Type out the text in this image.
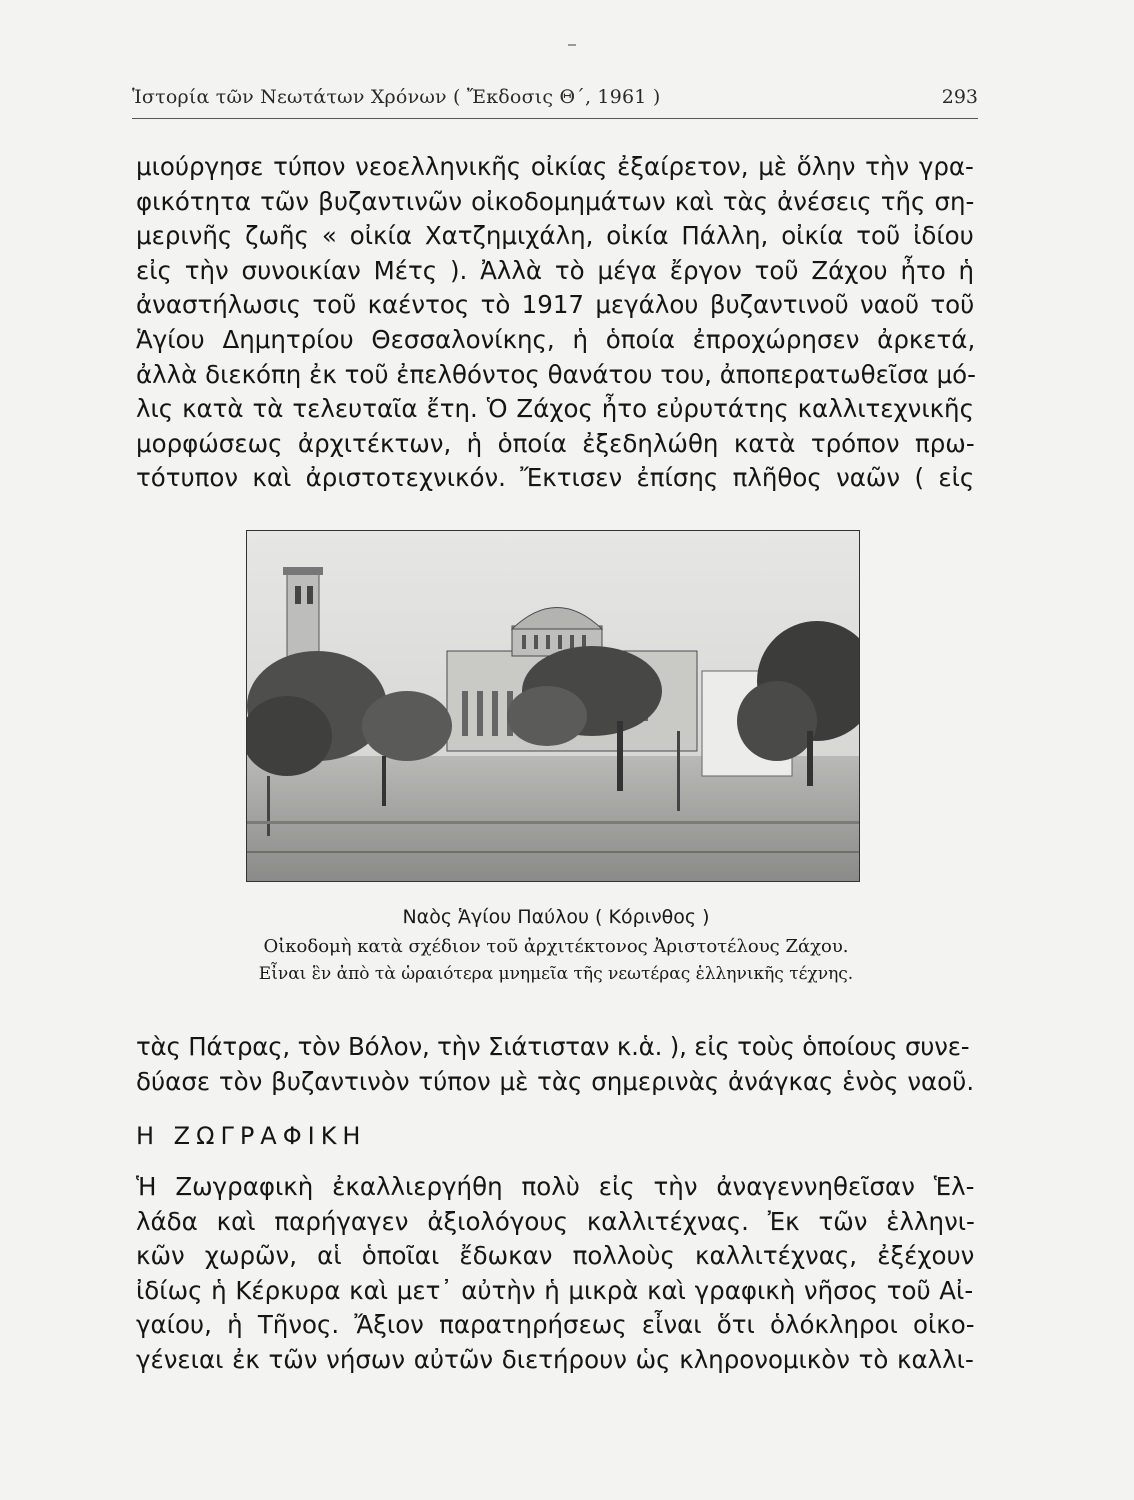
Ἱστορία τῶν Νεωτάτων Χρόνων ( Ἔκδοσις Θ΄, 1961 )	293
μιούργησε τύπον νεοελληνικῆς οἰκίας ἐξαίρετον, μὲ ὅλην τὴν γρα-
φικότητα τῶν βυζαντινῶν οἰκοδομημάτων καὶ τὰς ἀνέσεις τῆς ση-
μερινῆς ζωῆς « οἰκία Χατζημιχάλη, οἰκία Πάλλη, οἰκία τοῦ ἰδίου
εἰς τὴν συνοικίαν Μέτς ). Ἀλλὰ τὸ μέγα ἔργον τοῦ Ζάχου ἦτο ἡ
ἀναστήλωσις τοῦ καέντος τὸ 1917 μεγάλου βυζαντινοῦ ναοῦ τοῦ
Ἁγίου Δημητρίου Θεσσαλονίκης, ἡ ὁποία ἐπροχώρησεν ἀρκετά,
ἀλλὰ διεκόπη ἐκ τοῦ ἐπελθόντος θανάτου του, ἀποπερατωθεῖσα μό-
λις κατὰ τὰ τελευταῖα ἔτη. Ὁ Ζάχος ἦτο εὐρυτάτης καλλιτεχνικῆς
μορφώσεως ἀρχιτέκτων, ἡ ὁποία ἐξεδηλώθη κατὰ τρόπον πρω-
τότυπον καὶ ἀριστοτεχνικόν. Ἔκτισεν ἐπίσης πλῆθος ναῶν ( εἰς
Ναὸς Ἁγίου Παύλου ( Κόρινθος )
Οἰκοδομὴ κατὰ σχέδιον τοῦ ἀρχιτέκτονος Ἀριστοτέλους Ζάχου.
Εἶναι ἓν ἀπὸ τὰ ὡραιότερα μνημεῖα τῆς νεωτέρας ἑλληνικῆς τέχνης.
τὰς Πάτρας, τὸν Βόλον, τὴν Σιάτισταν κ.ἁ. ), εἰς τοὺς ὁποίους συνε-
δύασε τὸν βυζαντινὸν τύπον μὲ τὰς σημερινὰς ἀνάγκας ἑνὸς ναοῦ.
Η ΖΩΓΡΑΦΙΚΗ
Ἡ Ζωγραφικὴ ἐκαλλιεργήθη πολὺ εἰς τὴν ἀναγεννηθεῖσαν Ἑλ-
λάδα καὶ παρήγαγεν ἀξιολόγους καλλιτέχνας. Ἐκ τῶν ἑλληνι-
κῶν χωρῶν, αἱ ὁποῖαι ἔδωκαν πολλοὺς καλλιτέχνας, ἐξέχουν
ἰδίως ἡ Κέρκυρα καὶ μετ᾽ αὐτὴν ἡ μικρὰ καὶ γραφικὴ νῆσος τοῦ Αἰ-
γαίου, ἡ Τῆνος. Ἄξιον παρατηρήσεως εἶναι ὅτι ὁλόκληροι οἰκο-
γένειαι ἐκ τῶν νήσων αὐτῶν διετήρουν ὡς κληρονομικὸν τὸ καλλι-
